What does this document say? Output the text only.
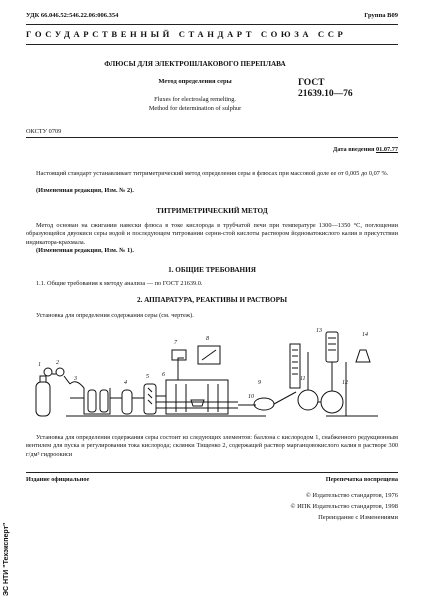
УДК 66.046.52:546.22.06:006.354	Группа В09
ГОСУДАРСТВЕННЫЙ СТАНДАРТ СОЮЗА ССР
ФЛЮСЫ ДЛЯ ЭЛЕКТРОШЛАКОВОГО ПЕРЕПЛАВА
Метод определения серы
Fluxes for electroslag remelting.
Method for determination of sulphur
ГОСТ
21639.10—76
ОКСТУ 0709
Дата введения 01.07.77
Настоящий стандарт устанавливает титриметрический метод определения серы в флюсах при массовой доле ее от 0,005 до 0,07 %.
(Измененная редакция, Изм. № 2).
ТИТРИМЕТРИЧЕСКИЙ МЕТОД
Метод основан на сжигании навески флюса в токе кислорода в трубчатой печи при температуре 1300—1350 °С, поглощении образующейся двуокиси серы водой и последующем титровании серни-стой кислоты раствором йодноватокислого калия в присутствии индикатора-крахмала.
(Измененная редакция, Изм. № 1).
1. ОБЩИЕ ТРЕБОВАНИЯ
1.1. Общие требования к методу анализа — по ГОСТ 21639.0.
2. АППАРАТУРА, РЕАКТИВЫ И РАСТВОРЫ
Установка для определения содержания серы (см. чертеж).
1	2
3
4
5 6
7
8
9
10
11
12
13
14
Установка для определения содержания серы состоит из следующих элементов: баллона с кислородом 1, снабженного редукционным вентилем для пуска и регулирования тока кислорода; склянки Тищенко 2, содержащей раствор марганцовокислого калия в растворе 300 г/дм³ гидроокиси
Издание официальное	Перепечатка воспрещена
© Издательство стандартов, 1976
© ИПК Издательство стандартов, 1998
Переиздание с Изменениями
ЭС НТИ "Техэксперт"
